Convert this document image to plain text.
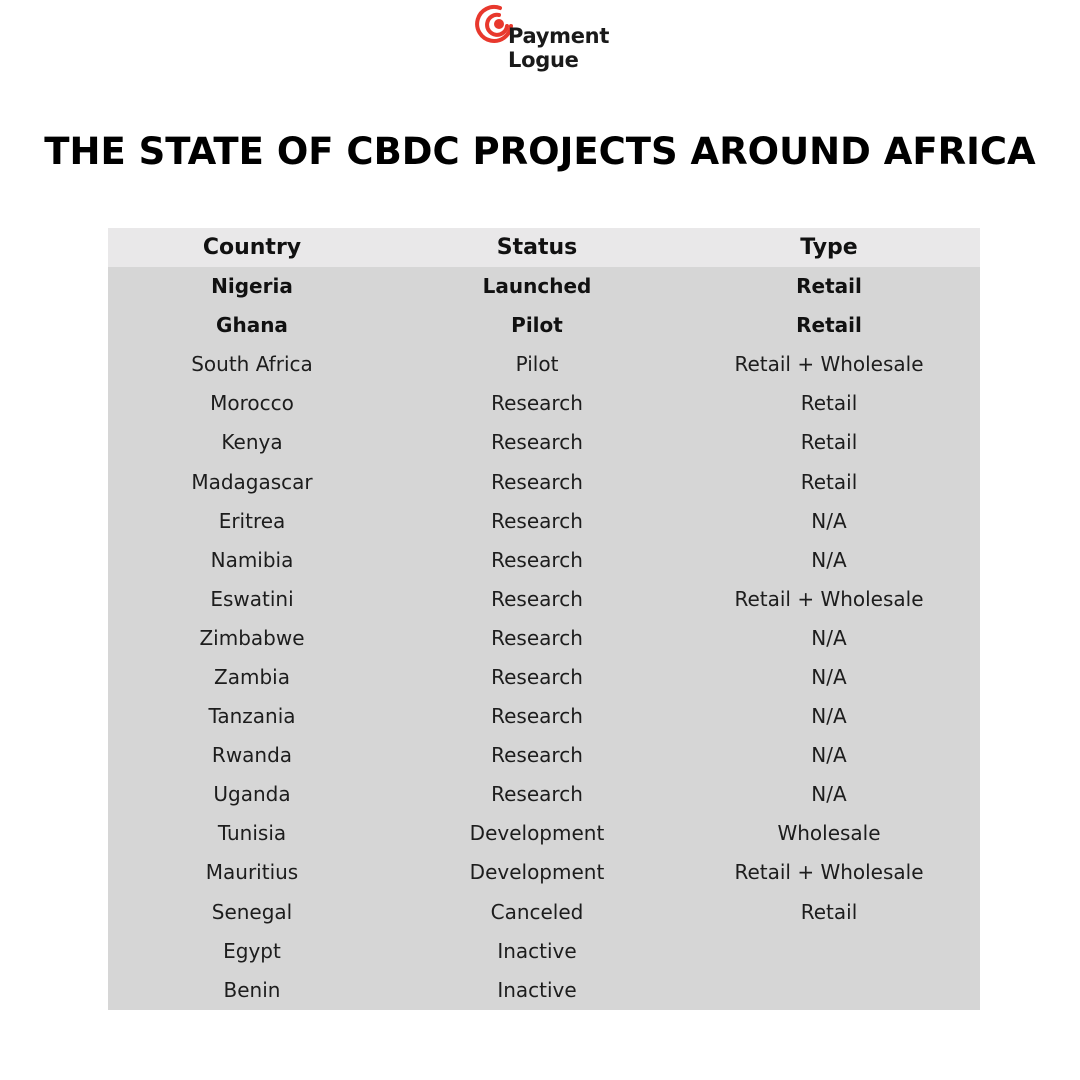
Payment
Logue
THE STATE OF CBDC PROJECTS AROUND AFRICA
Country	Status	Type
Nigeria	Launched	Retail
Ghana	Pilot	Retail
South Africa	Pilot	Retail + Wholesale
Morocco	Research	Retail
Kenya	Research	Retail
Madagascar	Research	Retail
Eritrea	Research	N/A
Namibia	Research	N/A
Eswatini	Research	Retail + Wholesale
Zimbabwe	Research	N/A
Zambia	Research	N/A
Tanzania	Research	N/A
Rwanda	Research	N/A
Uganda	Research	N/A
Tunisia	Development	Wholesale
Mauritius	Development	Retail + Wholesale
Senegal	Canceled	Retail
Egypt	Inactive	
Benin	Inactive	
